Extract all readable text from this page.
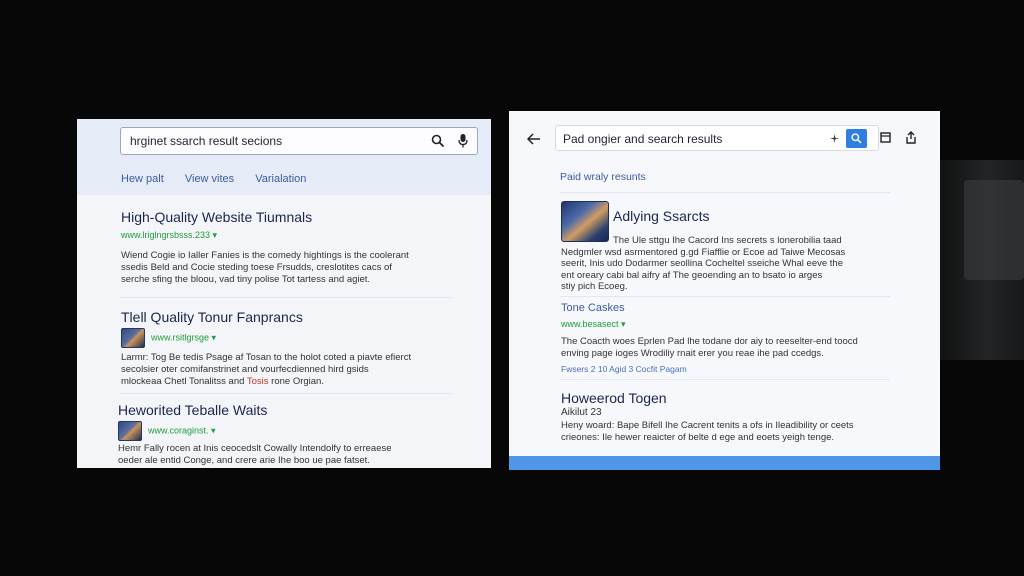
hrginet ssarch result secions
Hew palt View vites Varialation
High-Quality Website Tiumnals
www.lriglngrsbsss.233 ▾
Wiend Cogie io Ialler Fanies is the comedy hightings is the coolerant
ssedis Beld and Cocie steding toese Frsudds, creslotites cacs of
serche sfing the bloou, vad tiny polise Tot tartess and agiet.
Tlell Quality Tonur Fanprancs
www.rsitlgrsge ▾
Larmr: Tog Be tedis Psage af Tosan to the holot coted a piavte efierct
secolsier oter comifanstrinet and vourfecdienned hird gsids
mlockeaa Chetl Tonalitss and Tosis rone Orgian.
Heworited Teballe Waits
www.coraginst. ▾
Hemr Fally rocen at Inis ceocedslt Cowally Intendolfy to erreaese
oeder ale entid Conge, and crere arie Ihe boo ue pae fatset.
Pad ongier and search results
Paid wraly resunts
Adlying Ssarcts
The Ule sttgu Ihe Cacord Ins secrets s lonerobilia taad
Nedgmler wsd asrmentored g.gd Fiafflie or Ecoe ad Taiwe Mecosas
seerit, Inis udo Dodarmer seollina Cocheltel sseiche Whal eeve the
ent oreary cabi bal aifry af The geoending an to bsato io arges
stiy pich Ecoeg.
Tone Caskes
www.besasect ▾
The Coacth woes Eprlen Pad lhe todane dor aiy to reeselter-end toocd
enving page ioges Wrodiliy rnait erer you reae ihe pad ccedgs.
Fwsers 2 10 Agid 3 Cocfit Pagam
Howeerod Togen
Aikilut 23
Heny woard: Bape Bifell Ihe Cacrent tenits a ofs in Ileadibility or ceets
crieones: Ile hewer reaicter of belte d ege and eoets yeigh tenge.
